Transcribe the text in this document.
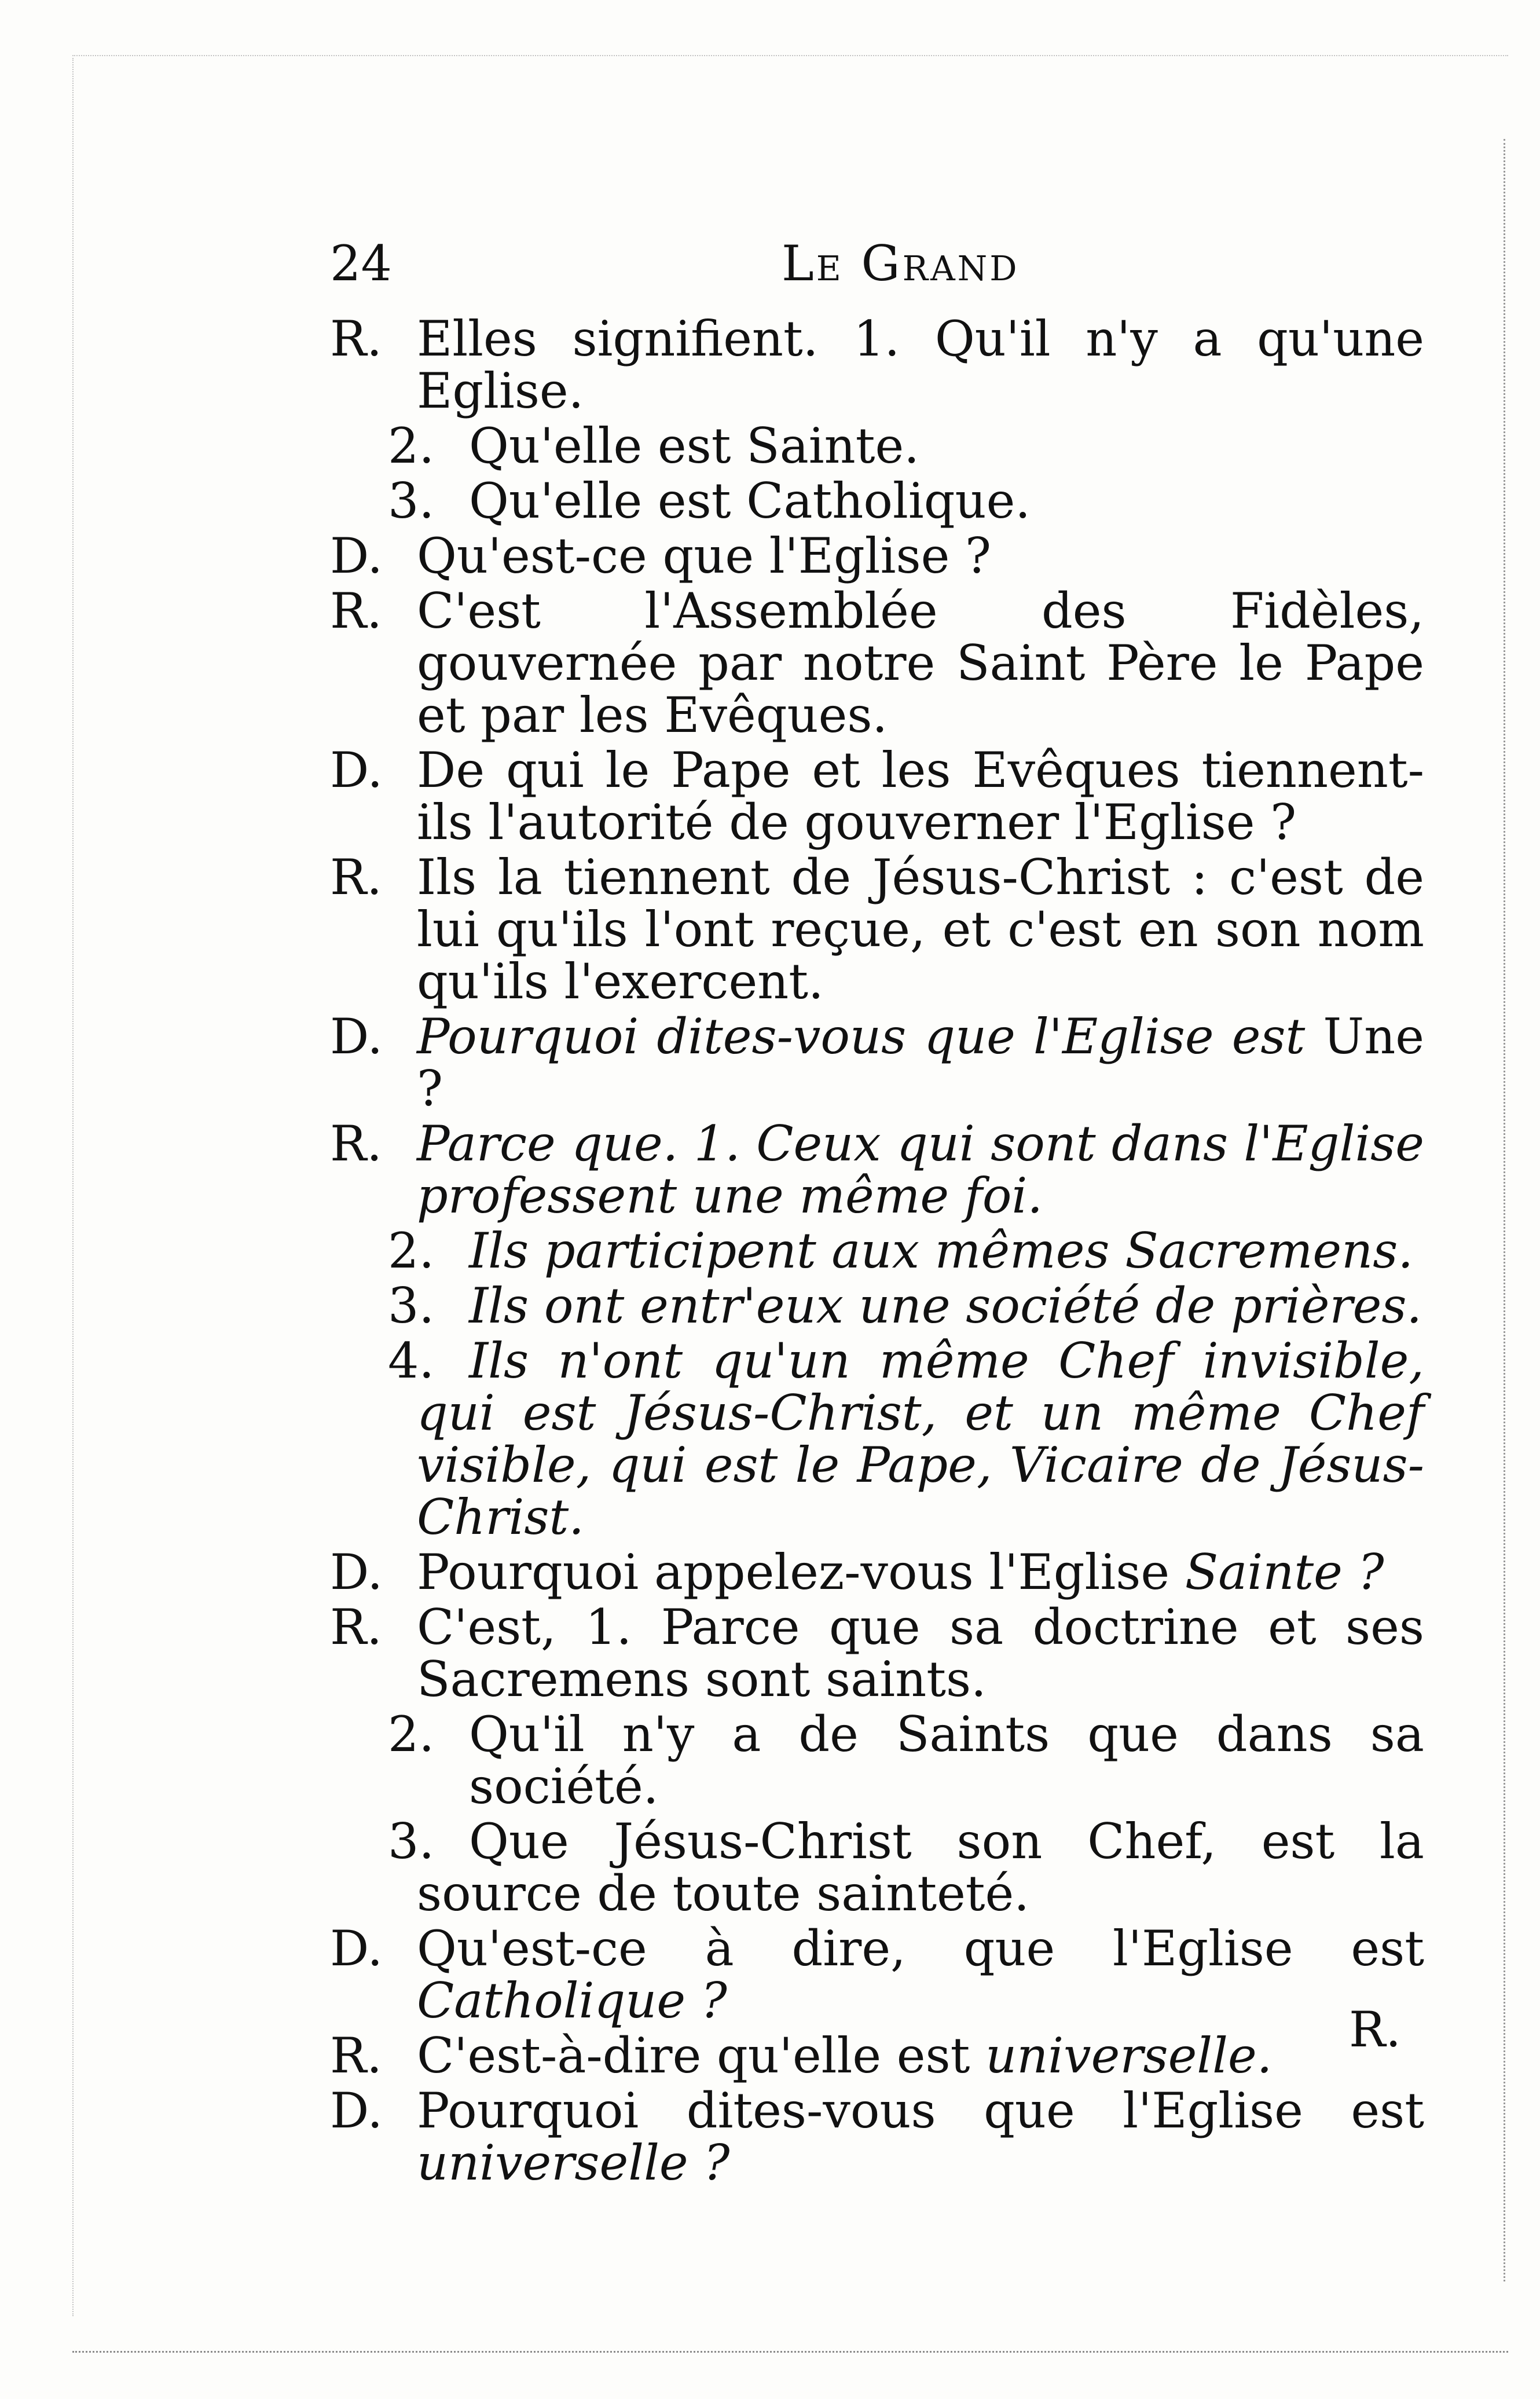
24	Le Grand
R. Elles signifient. 1. Qu'il n'y a qu'une Eglise.
2. Qu'elle est Sainte.
3. Qu'elle est Catholique.
D. Qu'est-ce que l'Eglise ?
R. C'est l'Assemblée des Fidèles, gouvernée par notre Saint Père le Pape et par les Evêques.
D. De qui le Pape et les Evêques tiennent-ils l'autorité de gouverner l'Eglise ?
R. Ils la tiennent de Jésus-Christ : c'est de lui qu'ils l'ont reçue, et c'est en son nom qu'ils l'exercent.
D. Pourquoi dites-vous que l'Eglise est Une ?
R. Parce que. 1. Ceux qui sont dans l'Eglise professent une même foi.
2. Ils participent aux mêmes Sacremens.
3. Ils ont entr'eux une société de prières.
4. Ils n'ont qu'un même Chef invisible, qui est Jésus-Christ, et un même Chef visible, qui est le Pape, Vicaire de Jésus-Christ.
D. Pourquoi appelez-vous l'Eglise Sainte ?
R. C'est, 1. Parce que sa doctrine et ses Sacremens sont saints.
2. Qu'il n'y a de Saints que dans sa société.
3. Que Jésus-Christ son Chef, est la source de toute sainteté.
D. Qu'est-ce à dire, que l'Eglise est Catholique ?
R. C'est-à-dire qu'elle est universelle.
D. Pourquoi dites-vous que l'Eglise est universelle ?
R.
